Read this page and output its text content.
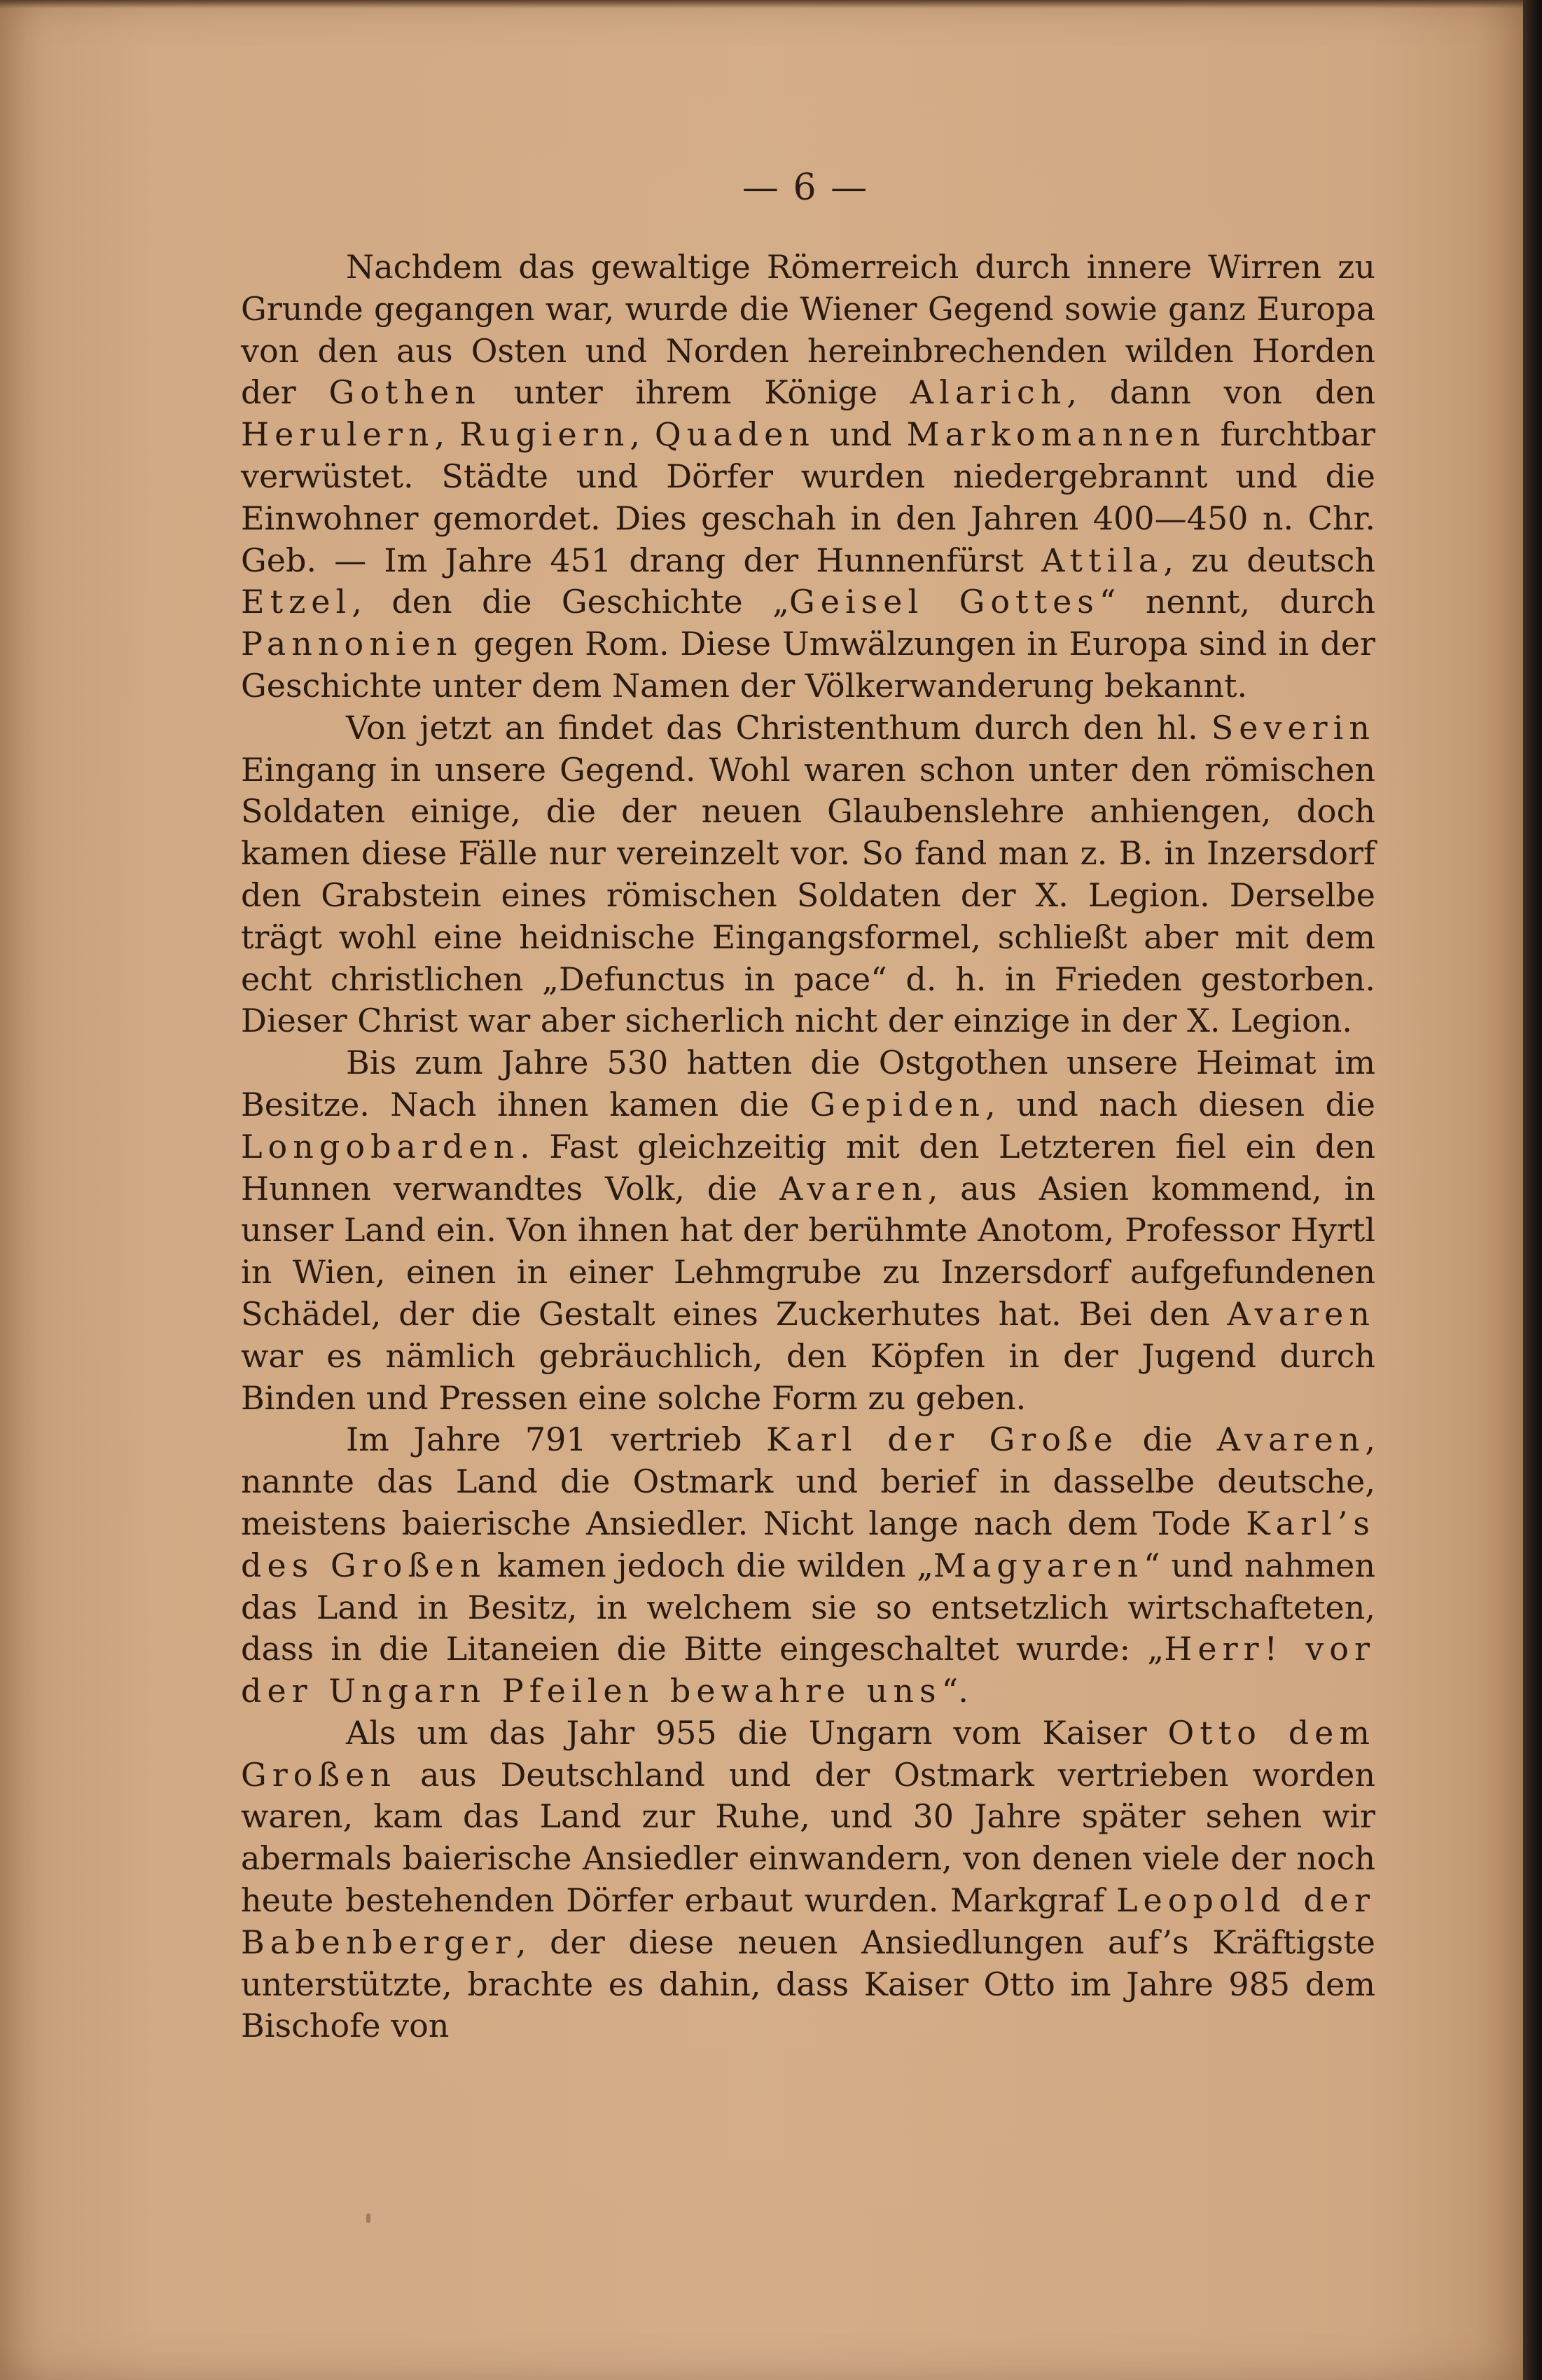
— 6 —

Nachdem das gewaltige Römerreich durch innere Wirren zu Grunde gegangen war, wurde die Wiener Gegend sowie ganz Europa von den aus Osten und Norden hereinbrechenden wilden Horden der Gothen unter ihrem Könige Alarich, dann von den Herulern, Rugiern, Quaden und Markomannen furchtbar verwüstet. Städte und Dörfer wurden niedergebrannt und die Einwohner gemordet. Dies geschah in den Jahren 400—450 n. Chr. Geb. — Im Jahre 451 drang der Hunnenfürst Attila, zu deutsch Etzel, den die Geschichte „Geisel Gottes“ nennt, durch Pannonien gegen Rom. Diese Umwälzungen in Europa sind in der Geschichte unter dem Namen der Völkerwanderung bekannt.

Von jetzt an findet das Christenthum durch den hl. Severin Eingang in unsere Gegend. Wohl waren schon unter den römischen Soldaten einige, die der neuen Glaubenslehre anhiengen, doch kamen diese Fälle nur vereinzelt vor. So fand man z. B. in Inzersdorf den Grabstein eines römischen Soldaten der X. Legion. Derselbe trägt wohl eine heidnische Eingangsformel, schließt aber mit dem echt christlichen „Defunctus in pace“ d. h. in Frieden gestorben. Dieser Christ war aber sicherlich nicht der einzige in der X. Legion.

Bis zum Jahre 530 hatten die Ostgothen unsere Heimat im Besitze. Nach ihnen kamen die Gepiden, und nach diesen die Longobarden. Fast gleichzeitig mit den Letzteren fiel ein den Hunnen verwandtes Volk, die Avaren, aus Asien kommend, in unser Land ein. Von ihnen hat der berühmte Anotom, Professor Hyrtl in Wien, einen in einer Lehmgrube zu Inzersdorf aufgefundenen Schädel, der die Gestalt eines Zuckerhutes hat. Bei den Avaren war es nämlich gebräuchlich, den Köpfen in der Jugend durch Binden und Pressen eine solche Form zu geben.

Im Jahre 791 vertrieb Karl der Große die Avaren, nannte das Land die Ostmark und berief in dasselbe deutsche, meistens baierische Ansiedler. Nicht lange nach dem Tode Karl’s des Großen kamen jedoch die wilden „Magyaren“ und nahmen das Land in Besitz, in welchem sie so entsetzlich wirtschafteten, dass in die Litaneien die Bitte eingeschaltet wurde: „Herr! vor der Ungarn Pfeilen bewahre uns“.

Als um das Jahr 955 die Ungarn vom Kaiser Otto dem Großen aus Deutschland und der Ostmark vertrieben worden waren, kam das Land zur Ruhe, und 30 Jahre später sehen wir abermals baierische Ansiedler einwandern, von denen viele der noch heute bestehenden Dörfer erbaut wurden. Markgraf Leopold der Babenberger, der diese neuen Ansiedlungen auf’s Kräftigste unterstützte, brachte es dahin, dass Kaiser Otto im Jahre 985 dem Bischofe von
